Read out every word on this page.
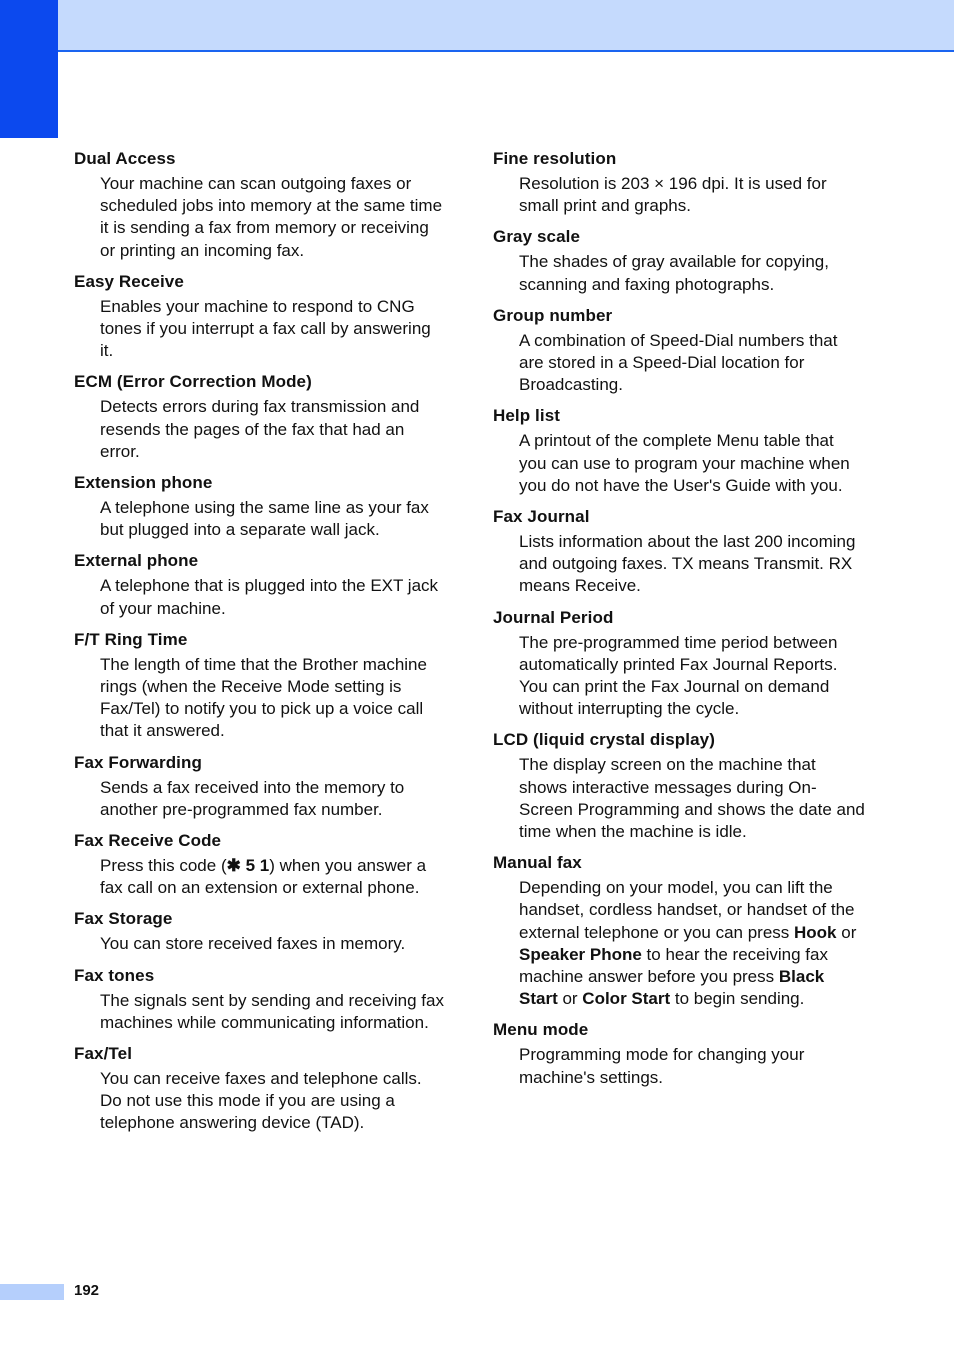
Dual Access
Your machine can scan outgoing faxes or scheduled jobs into memory at the same time it is sending a fax from memory or receiving or printing an incoming fax.
Easy Receive
Enables your machine to respond to CNG tones if you interrupt a fax call by answering it.
ECM (Error Correction Mode)
Detects errors during fax transmission and resends the pages of the fax that had an error.
Extension phone
A telephone using the same line as your fax but plugged into a separate wall jack.
External phone
A telephone that is plugged into the EXT jack of your machine.
F/T Ring Time
The length of time that the Brother machine rings (when the Receive Mode setting is Fax/Tel) to notify you to pick up a voice call that it answered.
Fax Forwarding
Sends a fax received into the memory to another pre-programmed fax number.
Fax Receive Code
Press this code (✱ 5 1) when you answer a fax call on an extension or external phone.
Fax Storage
You can store received faxes in memory.
Fax tones
The signals sent by sending and receiving fax machines while communicating information.
Fax/Tel
You can receive faxes and telephone calls. Do not use this mode if you are using a telephone answering device (TAD).
Fine resolution
Resolution is 203 × 196 dpi. It is used for small print and graphs.
Gray scale
The shades of gray available for copying, scanning and faxing photographs.
Group number
A combination of Speed-Dial numbers that are stored in a Speed-Dial location for Broadcasting.
Help list
A printout of the complete Menu table that you can use to program your machine when you do not have the User's Guide with you.
Fax Journal
Lists information about the last 200 incoming and outgoing faxes. TX means Transmit. RX means Receive.
Journal Period
The pre-programmed time period between automatically printed Fax Journal Reports. You can print the Fax Journal on demand without interrupting the cycle.
LCD (liquid crystal display)
The display screen on the machine that shows interactive messages during On-Screen Programming and shows the date and time when the machine is idle.
Manual fax
Depending on your model, you can lift the handset, cordless handset, or handset of the external telephone or you can press Hook or Speaker Phone to hear the receiving fax machine answer before you press Black Start or Color Start to begin sending.
Menu mode
Programming mode for changing your machine's settings.
192
